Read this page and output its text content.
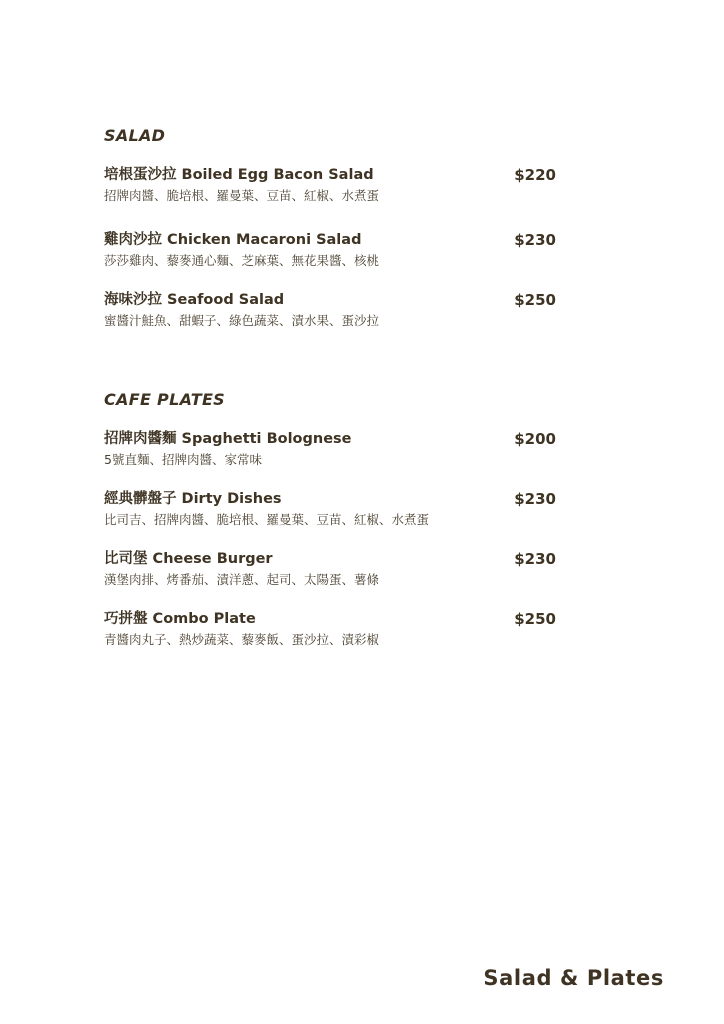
SALAD
培根蛋沙拉 Boiled Egg Bacon Salad	$220
招牌肉醬、脆培根、羅曼葉、豆苗、紅椒、水煮蛋
雞肉沙拉 Chicken Macaroni Salad	$230
莎莎雞肉、藜麥通心麵、芝麻葉、無花果醬、核桃
海味沙拉 Seafood Salad	$250
蜜醬汁鮭魚、甜蝦子、綠色蔬菜、漬水果、蛋沙拉
CAFE PLATES
招牌肉醬麵 Spaghetti Bolognese	$200
5號直麵、招牌肉醬、家常味
經典髒盤子 Dirty Dishes	$230
比司吉、招牌肉醬、脆培根、羅曼葉、豆苗、紅椒、水煮蛋
比司堡 Cheese Burger	$230
漢堡肉排、烤番茄、漬洋蔥、起司、太陽蛋、薯條
巧拼盤 Combo Plate	$250
青醬肉丸子、熱炒蔬菜、藜麥飯、蛋沙拉、漬彩椒
Salad & Plates
